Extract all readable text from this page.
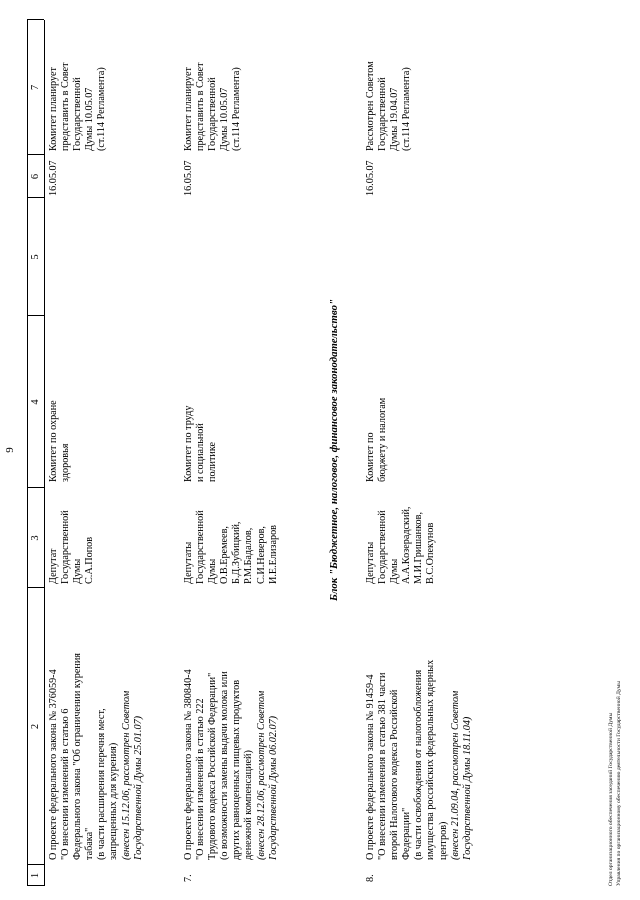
9
1
2
3
4
5
6
7
О проекте федерального закона № 376059-4 "О внесении изменений в статью 6 Федерального закона "Об ограничении курения табака" (в части расширения перечня мест, запрещенных для курения) (внесен 15.12.06, рассмотрен Советом Государственной Думы 25.01.07)
Депутат Государственной Думы С.А.Попов
Комитет по охране здоровья
16.05.07
Комитет планирует представить в Совет Государственной Думы 10.05.07 (ст.114 Регламента)
7.
О проекте федерального закона № 380840-4 "О внесении изменений в статью 222 Трудового кодекса Российской Федерации" (о возможности замены выдачи молока или других равноценных пищевых продуктов денежной компенсацией) (внесен 28.12.06, рассмотрен Советом Государственной Думы 06.02.07)
Депутаты Государственной Думы О.В.Еремеев, Б.Д.Зубицкий, Р.М.Бадалов, С.И.Неверов, И.Е.Елизаров
Комитет по труду и социальной политике
16.05.07
Комитет планирует представить в Совет Государственной Думы 10.05.07 (ст.114 Регламента)
Блок "Бюджетное, налоговое, финансовое законодательство"
8.
О проекте федерального закона № 91459-4 "О внесении изменения в статью 381 части второй Налогового кодекса Российской Федерации" (в части освобождения от налогообложения имущества российских федеральных ядерных центров) (внесен 21.09.04, рассмотрен Советом Государственной Думы 18.11.04)
Депутаты Государственной Думы А.А.Козерадский, М.И.Гришанков, В.С.Опекунов
Комитет по бюджету и налогам
16.05.07
Рассмотрен Советом Государственной Думы 19.04.07 (ст.114 Регламента)
Отдел организационного обеспечения заседаний Государственной Думы Управления по организационному обеспечению деятельности Государственной Думы
